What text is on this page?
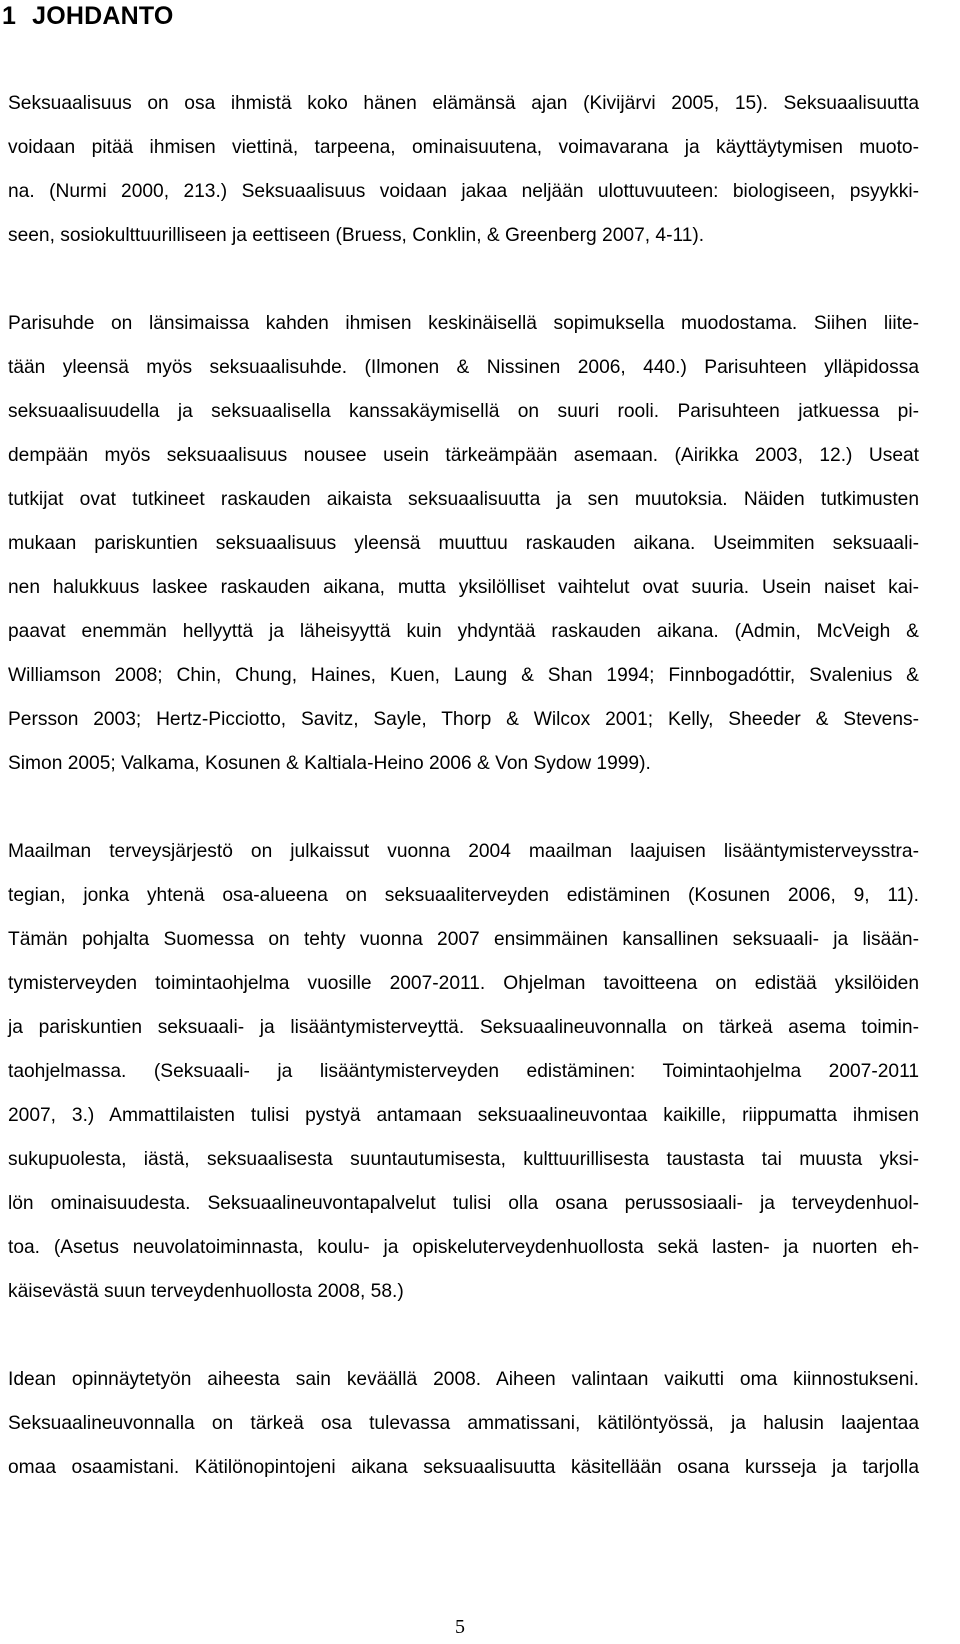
1 JOHDANTO

Seksuaalisuus on osa ihmistä koko hänen elämänsä ajan (Kivijärvi 2005, 15). Seksuaalisuutta

voidaan pitää ihmisen viettinä, tarpeena, ominaisuutena, voimavarana ja käyttäytymisen muoto-

na. (Nurmi 2000, 213.) Seksuaalisuus voidaan jakaa neljään ulottuvuuteen: biologiseen, psyykki-

seen, sosiokulttuurilliseen ja eettiseen (Bruess, Conklin, & Greenberg 2007, 4-11).

Parisuhde on länsimaissa kahden ihmisen keskinäisellä sopimuksella muodostama. Siihen liite-

tään yleensä myös seksuaalisuhde. (Ilmonen & Nissinen 2006, 440.) Parisuhteen ylläpidossa

seksuaalisuudella ja seksuaalisella kanssakäymisellä on suuri rooli. Parisuhteen jatkuessa pi-

dempään myös seksuaalisuus nousee usein tärkeämpään asemaan. (Airikka 2003, 12.) Useat

tutkijat ovat tutkineet raskauden aikaista seksuaalisuutta ja sen muutoksia. Näiden tutkimusten

mukaan pariskuntien seksuaalisuus yleensä muuttuu raskauden aikana. Useimmiten seksuaali-

nen halukkuus laskee raskauden aikana, mutta yksilölliset vaihtelut ovat suuria. Usein naiset kai-

paavat enemmän hellyyttä ja läheisyyttä kuin yhdyntää raskauden aikana. (Admin, McVeigh &

Williamson 2008; Chin, Chung, Haines, Kuen, Laung & Shan 1994; Finnbogadóttir, Svalenius &

Persson 2003; Hertz-Picciotto, Savitz, Sayle, Thorp & Wilcox 2001; Kelly, Sheeder & Stevens-

Simon 2005; Valkama, Kosunen & Kaltiala-Heino 2006 & Von Sydow 1999).

Maailman terveysjärjestö on julkaissut vuonna 2004 maailman laajuisen lisääntymisterveysstra-

tegian, jonka yhtenä osa-alueena on seksuaaliterveyden edistäminen (Kosunen 2006, 9, 11).

Tämän pohjalta Suomessa on tehty vuonna 2007 ensimmäinen kansallinen seksuaali- ja lisään-

tymisterveyden toimintaohjelma vuosille 2007-2011. Ohjelman tavoitteena on edistää yksilöiden

ja pariskuntien seksuaali- ja lisääntymisterveyttä. Seksuaalineuvonnalla on tärkeä asema toimin-

taohjelmassa. (Seksuaali- ja lisääntymisterveyden edistäminen: Toimintaohjelma 2007-2011

2007, 3.) Ammattilaisten tulisi pystyä antamaan seksuaalineuvontaa kaikille, riippumatta ihmisen

sukupuolesta, iästä, seksuaalisesta suuntautumisesta, kulttuurillisesta taustasta tai muusta yksi-

lön ominaisuudesta. Seksuaalineuvontapalvelut tulisi olla osana perussosiaali- ja terveydenhuol-

toa. (Asetus neuvolatoiminnasta, koulu- ja opiskeluterveydenhuollosta sekä lasten- ja nuorten eh-

käisevästä suun terveydenhuollosta 2008, 58.)

Idean opinnäytetyön aiheesta sain keväällä 2008. Aiheen valintaan vaikutti oma kiinnostukseni.

Seksuaalineuvonnalla on tärkeä osa tulevassa ammatissani, kätilöntyössä, ja halusin laajentaa

omaa osaamistani. Kätilönopintojeni aikana seksuaalisuutta käsitellään osana kursseja ja tarjolla

5
